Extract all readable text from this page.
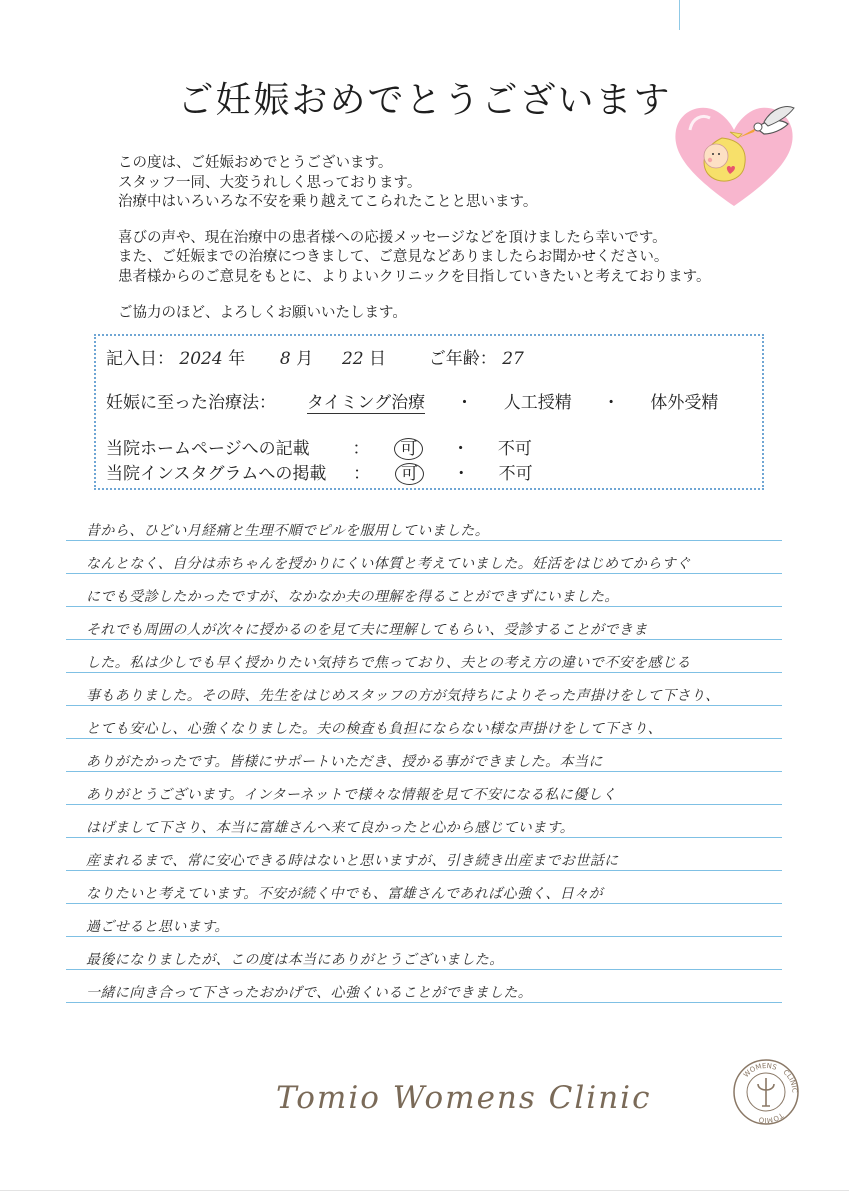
ご妊娠おめでとうございます

この度は、ご妊娠おめでとうございます。

スタッフ一同、大変うれしく思っております。

治療中はいろいろな不安を乗り越えてこられたことと思います。

喜びの声や、現在治療中の患者様への応援メッセージなどを頂けましたら幸いです。

また、ご妊娠までの治療につきまして、ご意見などありましたらお聞かせください。

患者様からのご意見をもとに、よりよいクリニックを目指していきたいと考えております。

ご協力のほど、よろしくお願いいたします。

記入日： 2024 年 8 月 22 日	ご年齢： 27
妊娠に至った治療法： タイミング治療 ・ 人工授精 ・ 体外受精
当院ホームページへの記載	： 可 ・ 不可
当院インスタグラムへの掲載 ： 可 ・ 不可
昔から、ひどい月経痛と生理不順でピルを服用していました。
なんとなく、自分は赤ちゃんを授かりにくい体質と考えていました。妊活をはじめてからすぐ
にでも受診したかったですが、なかなか夫の理解を得ることができずにいました。
それでも周囲の人が次々に授かるのを見て夫に理解してもらい、受診することができま
した。私は少しでも早く授かりたい気持ちで焦っており、夫との考え方の違いで不安を感じる
事もありました。その時、先生をはじめスタッフの方が気持ちによりそった声掛けをして下さり、
とても安心し、心強くなりました。夫の検査も負担にならない様な声掛けをして下さり、
ありがたかったです。皆様にサポートいただき、授かる事ができました。本当に
ありがとうございます。インターネットで様々な情報を見て不安になる私に優しく
はげまして下さり、本当に富雄さんへ来て良かったと心から感じています。
産まれるまで、常に安心できる時はないと思いますが、引き続き出産までお世話に
なりたいと考えています。不安が続く中でも、富雄さんであれば心強く、日々が
過ごせると思います。
最後になりましたが、この度は本当にありがとうございました。
一緒に向き合って下さったおかげで、心強くいることができました。
Tomio Womens Clinic
WOMENS
CLINIC
TOMIO
